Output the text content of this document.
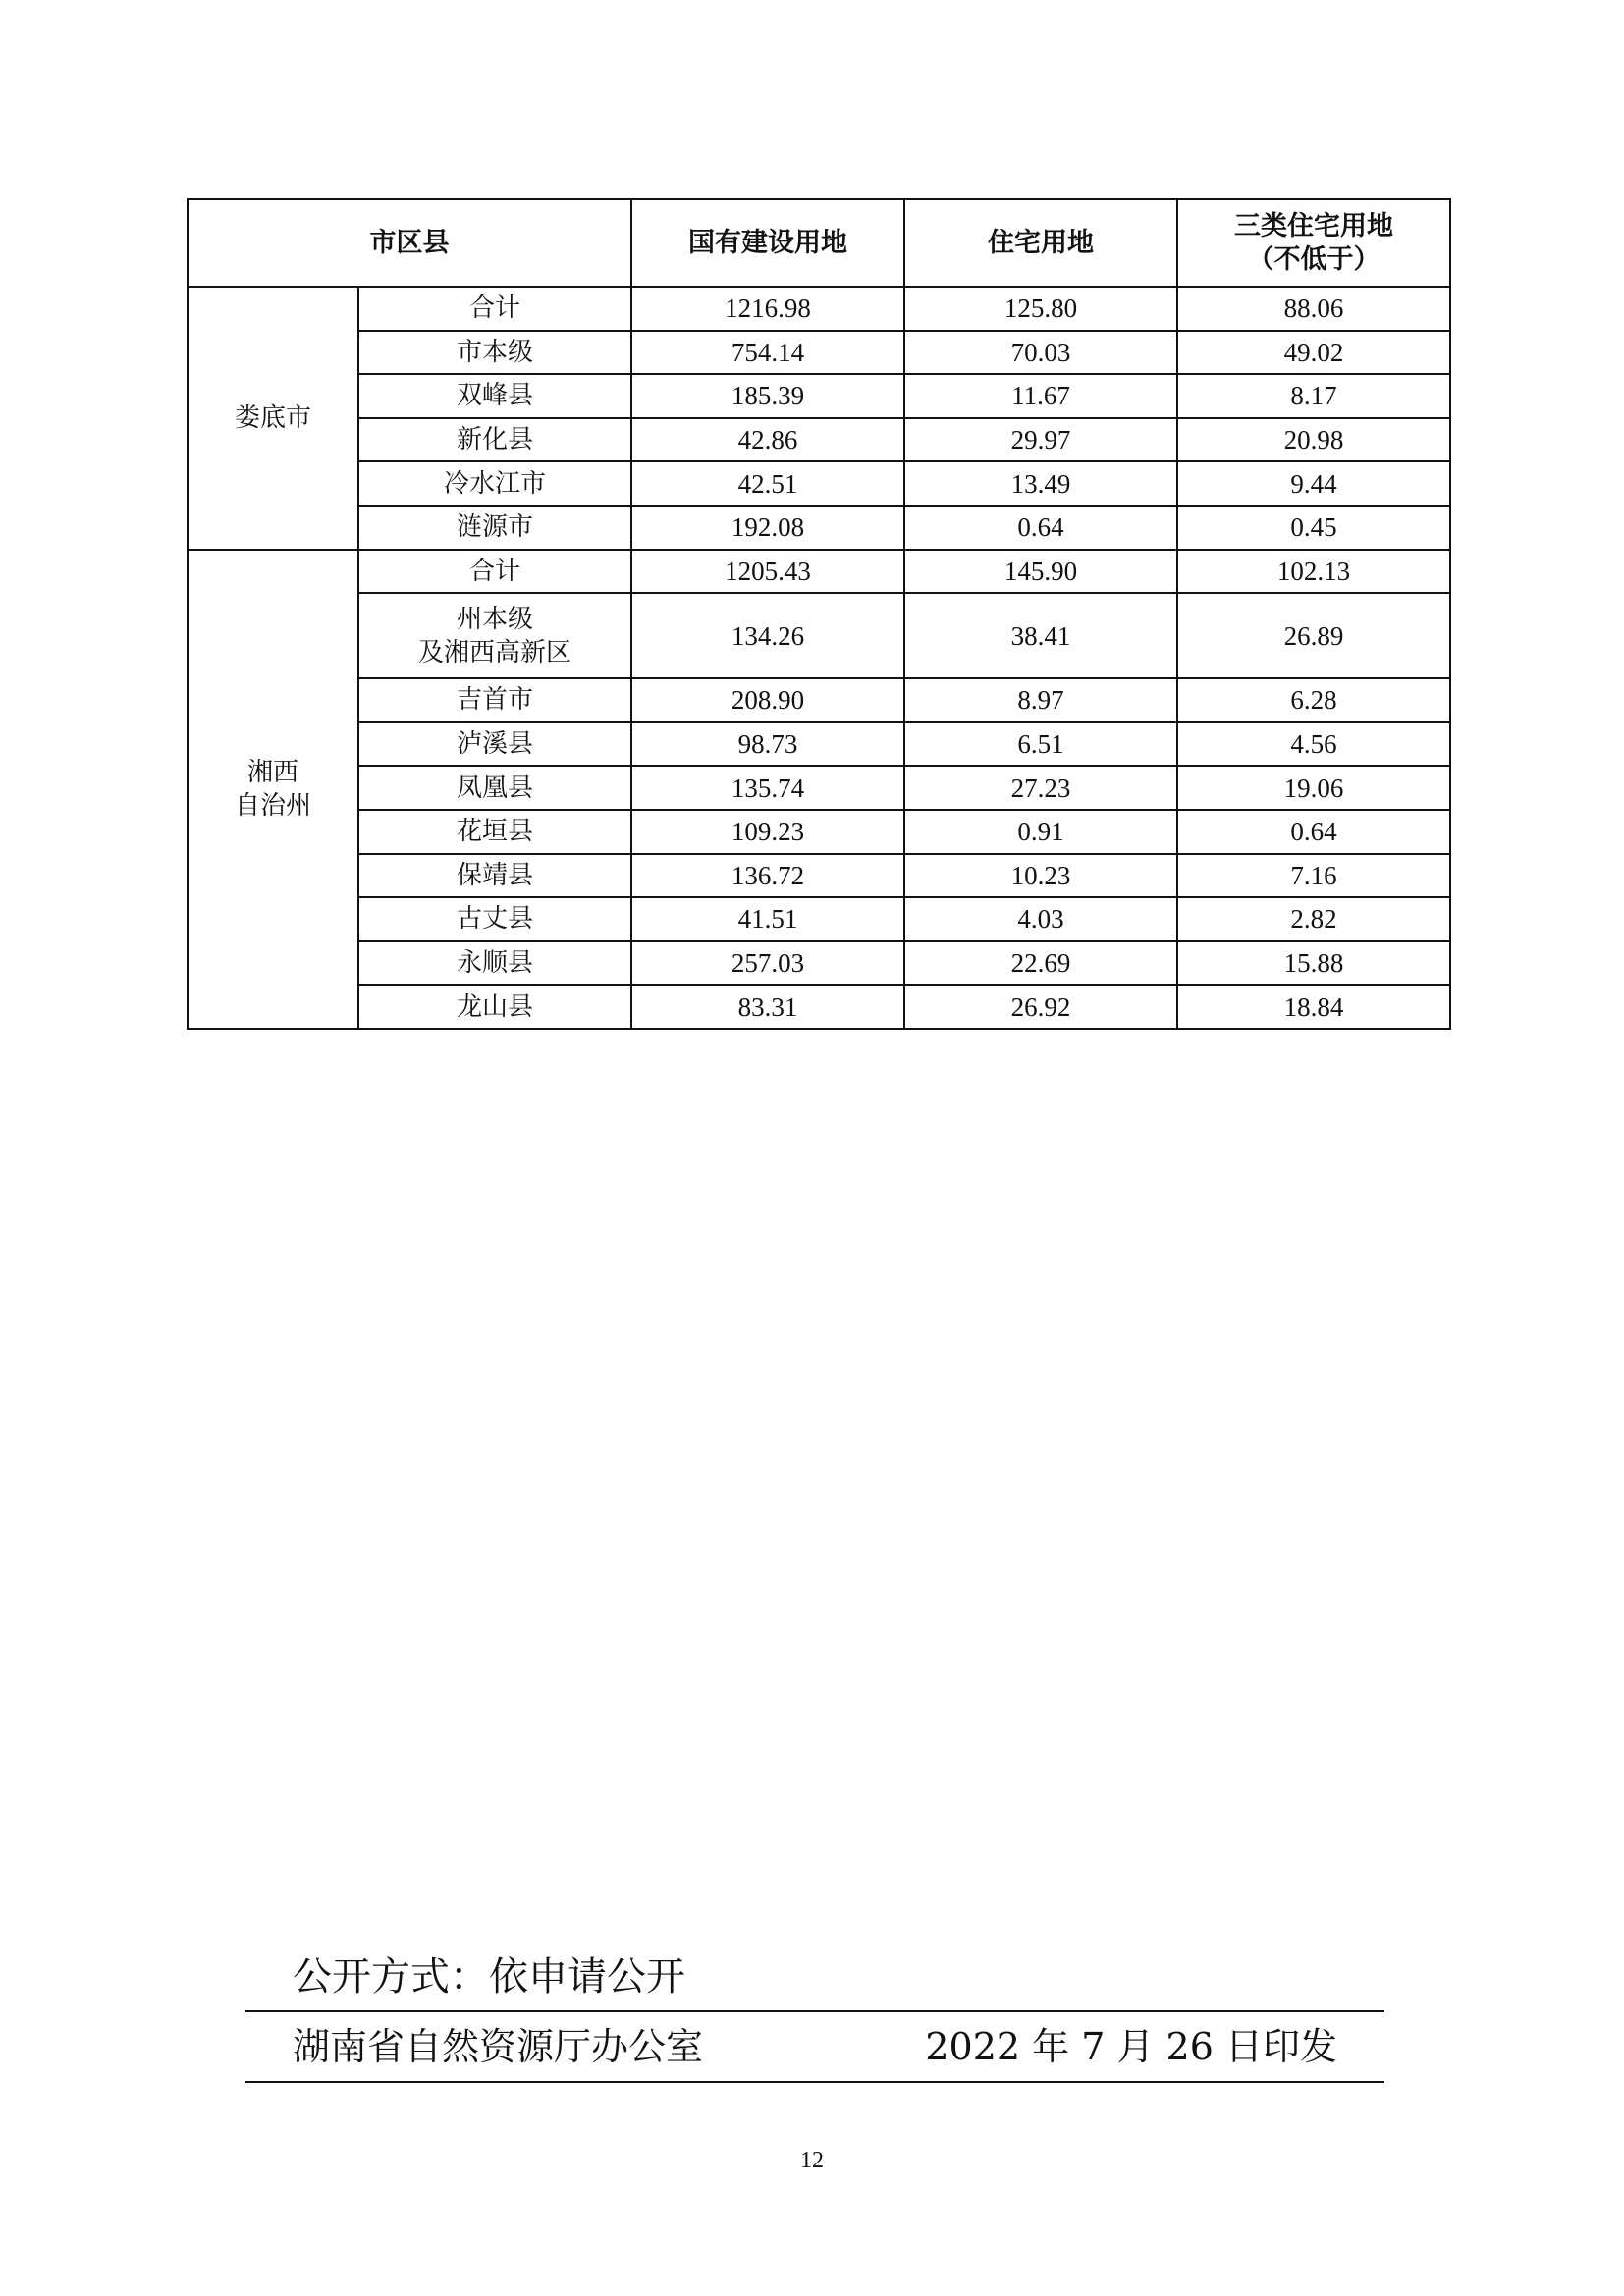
市区县		国有建设用地	住宅用地	三类住宅用地
（不低于）

娄底市	合计	1216.98	125.80	88.06

	市本级	754.14	70.03	49.02

	双峰县	185.39	11.67	8.17

	新化县	42.86	29.97	20.98

	冷水江市	42.51	13.49	9.44

	涟源市	192.08	0.64	0.45

湘西
自治州	合计	1205.43	145.90	102.13

	州本级
及湘西高新区	134.26	38.41	26.89

	吉首市	208.90	8.97	6.28

	泸溪县	98.73	6.51	4.56

	凤凰县	135.74	27.23	19.06

	花垣县	109.23	0.91	0.64

	保靖县	136.72	10.23	7.16

	古丈县	41.51	4.03	2.82

	永顺县	257.03	22.69	15.88

	龙山县	83.31	26.92	18.84
公开方式：依申请公开
湖南省自然资源厅办公室	2022 年 7 月 26 日印发
12
